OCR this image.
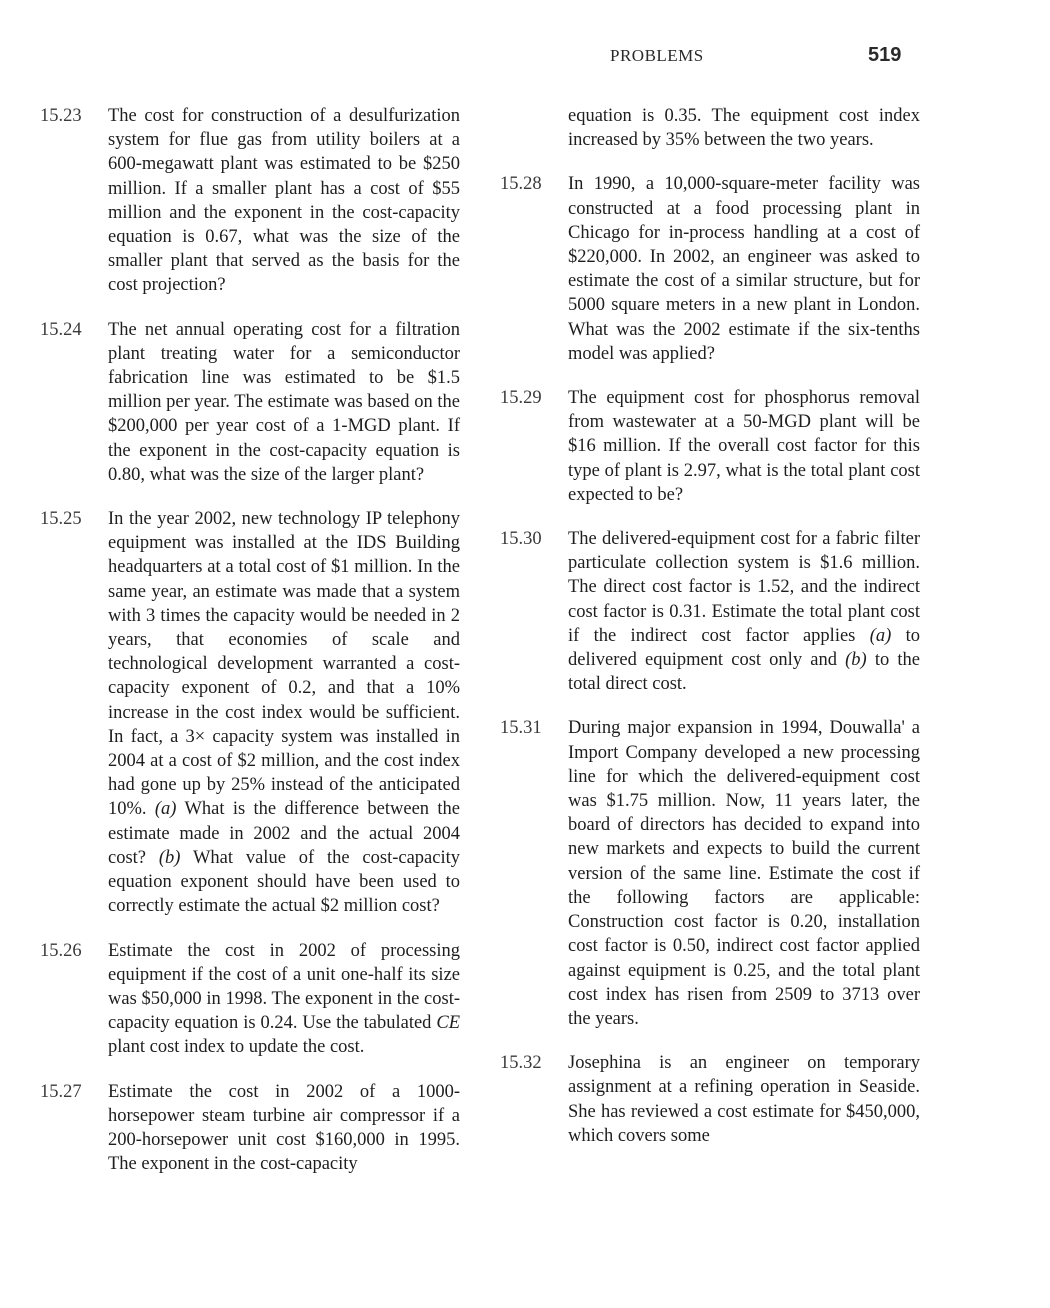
PROBLEMS	519
15.23	The cost for construction of a desulfurization system for flue gas from utility boilers at a 600-megawatt plant was estimated to be $250 million. If a smaller plant has a cost of $55 million and the exponent in the cost-capacity equation is 0.67, what was the size of the smaller plant that served as the basis for the cost projection?
15.24	The net annual operating cost for a filtration plant treating water for a semiconductor fabrication line was estimated to be $1.5 million per year. The estimate was based on the $200,000 per year cost of a 1-MGD plant. If the exponent in the cost-capacity equation is 0.80, what was the size of the larger plant?
15.25	In the year 2002, new technology IP telephony equipment was installed at the IDS Building headquarters at a total cost of $1 million. In the same year, an estimate was made that a system with 3 times the capacity would be needed in 2 years, that economies of scale and technological development warranted a cost-capacity exponent of 0.2, and that a 10% increase in the cost index would be sufficient. In fact, a 3× capacity system was installed in 2004 at a cost of $2 million, and the cost index had gone up by 25% instead of the anticipated 10%. (a) What is the difference between the estimate made in 2002 and the actual 2004 cost? (b) What value of the cost-capacity equation exponent should have been used to correctly estimate the actual $2 million cost?
15.26	Estimate the cost in 2002 of processing equipment if the cost of a unit one-half its size was $50,000 in 1998. The exponent in the cost-capacity equation is 0.24. Use the tabulated CE plant cost index to update the cost.
15.27	Estimate the cost in 2002 of a 1000-horsepower steam turbine air compressor if a 200-horsepower unit cost $160,000 in 1995. The exponent in the cost-capacity
equation is 0.35. The equipment cost index increased by 35% between the two years.
15.28	In 1990, a 10,000-square-meter facility was constructed at a food processing plant in Chicago for in-process handling at a cost of $220,000. In 2002, an engineer was asked to estimate the cost of a similar structure, but for 5000 square meters in a new plant in London. What was the 2002 estimate if the six-tenths model was applied?
15.29	The equipment cost for phosphorus removal from wastewater at a 50-MGD plant will be $16 million. If the overall cost factor for this type of plant is 2.97, what is the total plant cost expected to be?
15.30	The delivered-equipment cost for a fabric filter particulate collection system is $1.6 million. The direct cost factor is 1.52, and the indirect cost factor is 0.31. Estimate the total plant cost if the indirect cost factor applies (a) to delivered equipment cost only and (b) to the total direct cost.
15.31	During major expansion in 1994, Douwalla' a Import Company developed a new processing line for which the delivered-equipment cost was $1.75 million. Now, 11 years later, the board of directors has decided to expand into new markets and expects to build the current version of the same line. Estimate the cost if the following factors are applicable: Construction cost factor is 0.20, installation cost factor is 0.50, indirect cost factor applied against equipment is 0.25, and the total plant cost index has risen from 2509 to 3713 over the years.
15.32	Josephina is an engineer on temporary assignment at a refining operation in Seaside. She has reviewed a cost estimate for $450,000, which covers some
